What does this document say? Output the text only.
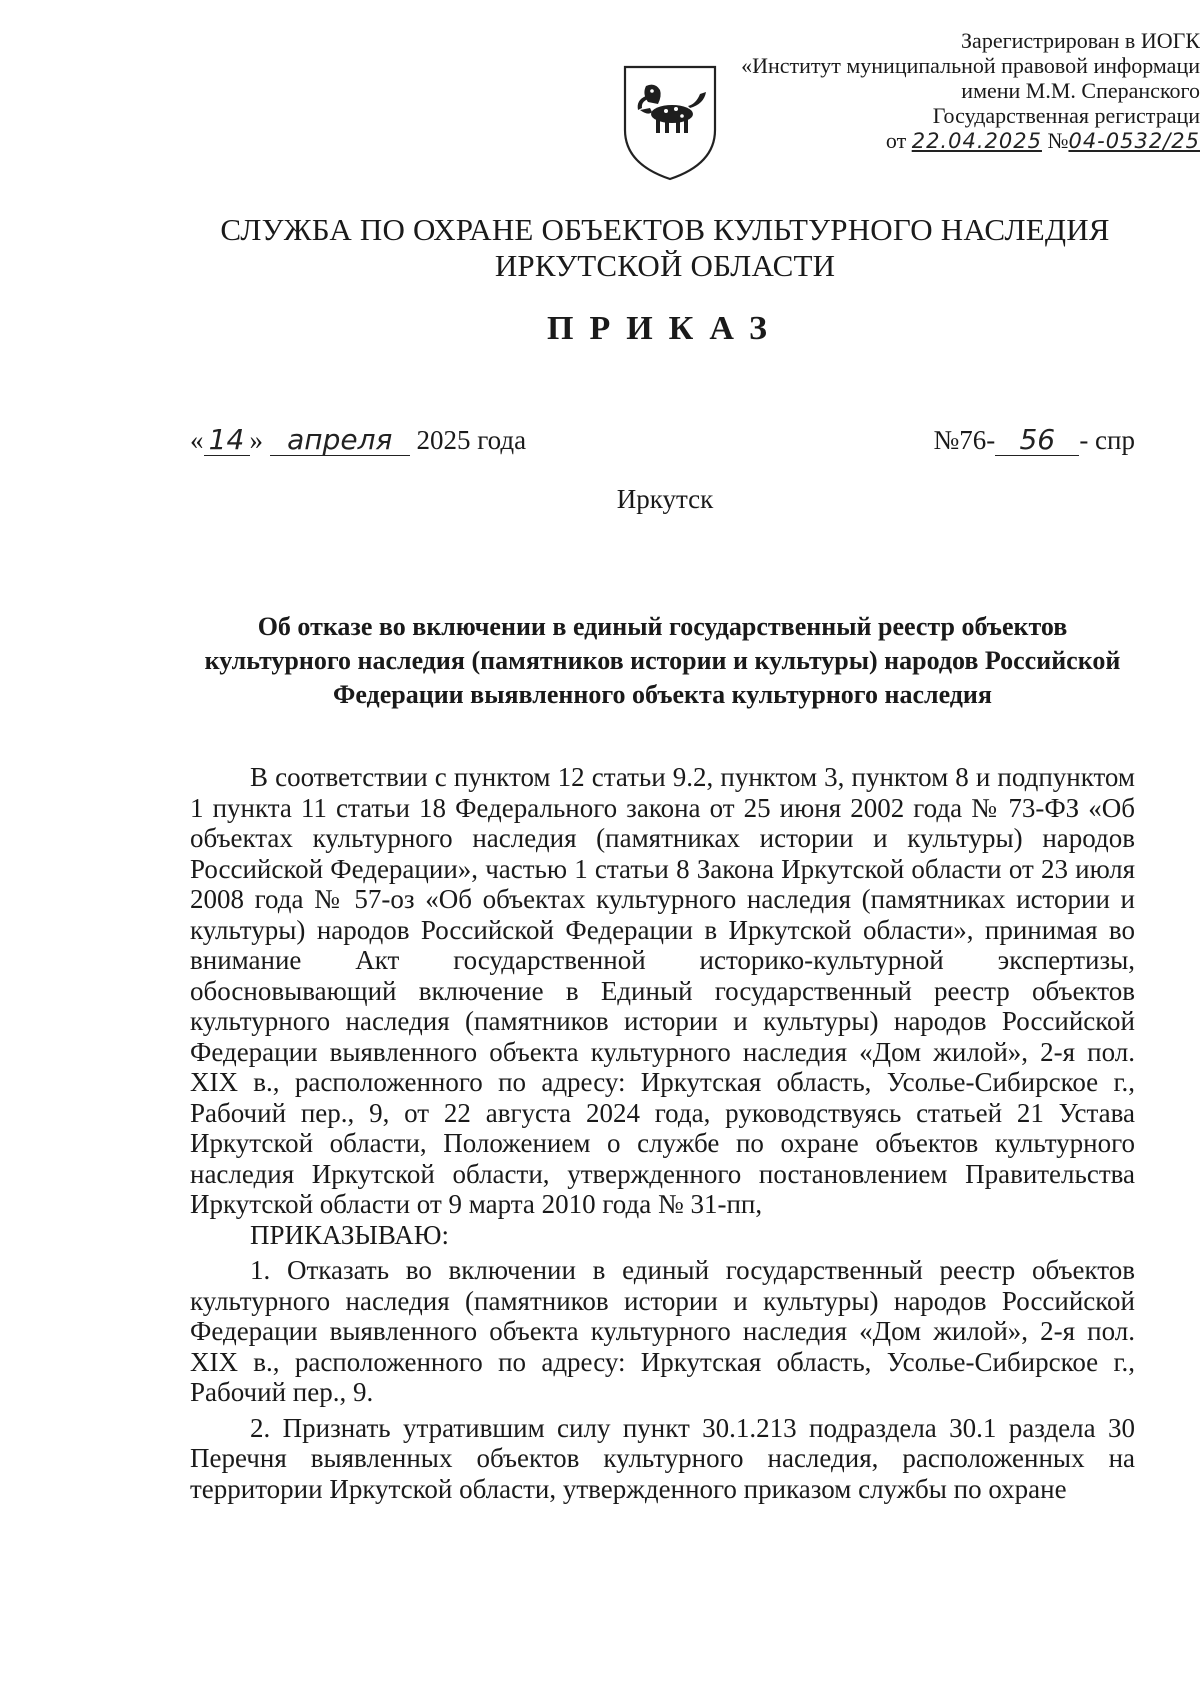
Зарегистрирован в ИОГК
«Институт муниципальной правовой информаци
имени М.М. Сперанского
Государственная регистраци
от 22.04.2025 №04-0532/25
СЛУЖБА ПО ОХРАНЕ ОБЪЕКТОВ КУЛЬТУРНОГО НАСЛЕДИЯ
ИРКУТСКОЙ ОБЛАСТИ
ПРИКАЗ
« 14 » апреля 2025 года	№76- 56 - спр
Иркутск
Об отказе во включении в единый государственный реестр объектов культурного наследия (памятников истории и культуры) народов Российской Федерации выявленного объекта культурного наследия

В соответствии с пунктом 12 статьи 9.2, пунктом 3, пунктом 8 и подпунктом 1 пункта 11 статьи 18 Федерального закона от 25 июня 2002 года № 73-ФЗ «Об объектах культурного наследия (памятниках истории и культуры) народов Российской Федерации», частью 1 статьи 8 Закона Иркутской области от 23 июля 2008 года № 57-оз «Об объектах культурного наследия (памятниках истории и культуры) народов Российской Федерации в Иркутской области», принимая во внимание Акт государственной историко-культурной экспертизы, обосновывающий включение в Единый государственный реестр объектов культурного наследия (памятников истории и культуры) народов Российской Федерации выявленного объекта культурного наследия «Дом жилой», 2-я пол. XIX в., расположенного по адресу: Иркутская область, Усолье-Сибирское г., Рабочий пер., 9, от 22 августа 2024 года, руководствуясь статьей 21 Устава Иркутской области, Положением о службе по охране объектов культурного наследия Иркутской области, утвержденного постановлением Правительства Иркутской области от 9 марта 2010 года № 31-пп,

ПРИКАЗЫВАЮ:

1. Отказать во включении в единый государственный реестр объектов культурного наследия (памятников истории и культуры) народов Российской Федерации выявленного объекта культурного наследия «Дом жилой», 2-я пол. XIX в., расположенного по адресу: Иркутская область, Усолье-Сибирское г., Рабочий пер., 9.

2. Признать утратившим силу пункт 30.1.213 подраздела 30.1 раздела 30 Перечня выявленных объектов культурного наследия, расположенных на территории Иркутской области, утвержденного приказом службы по охране
